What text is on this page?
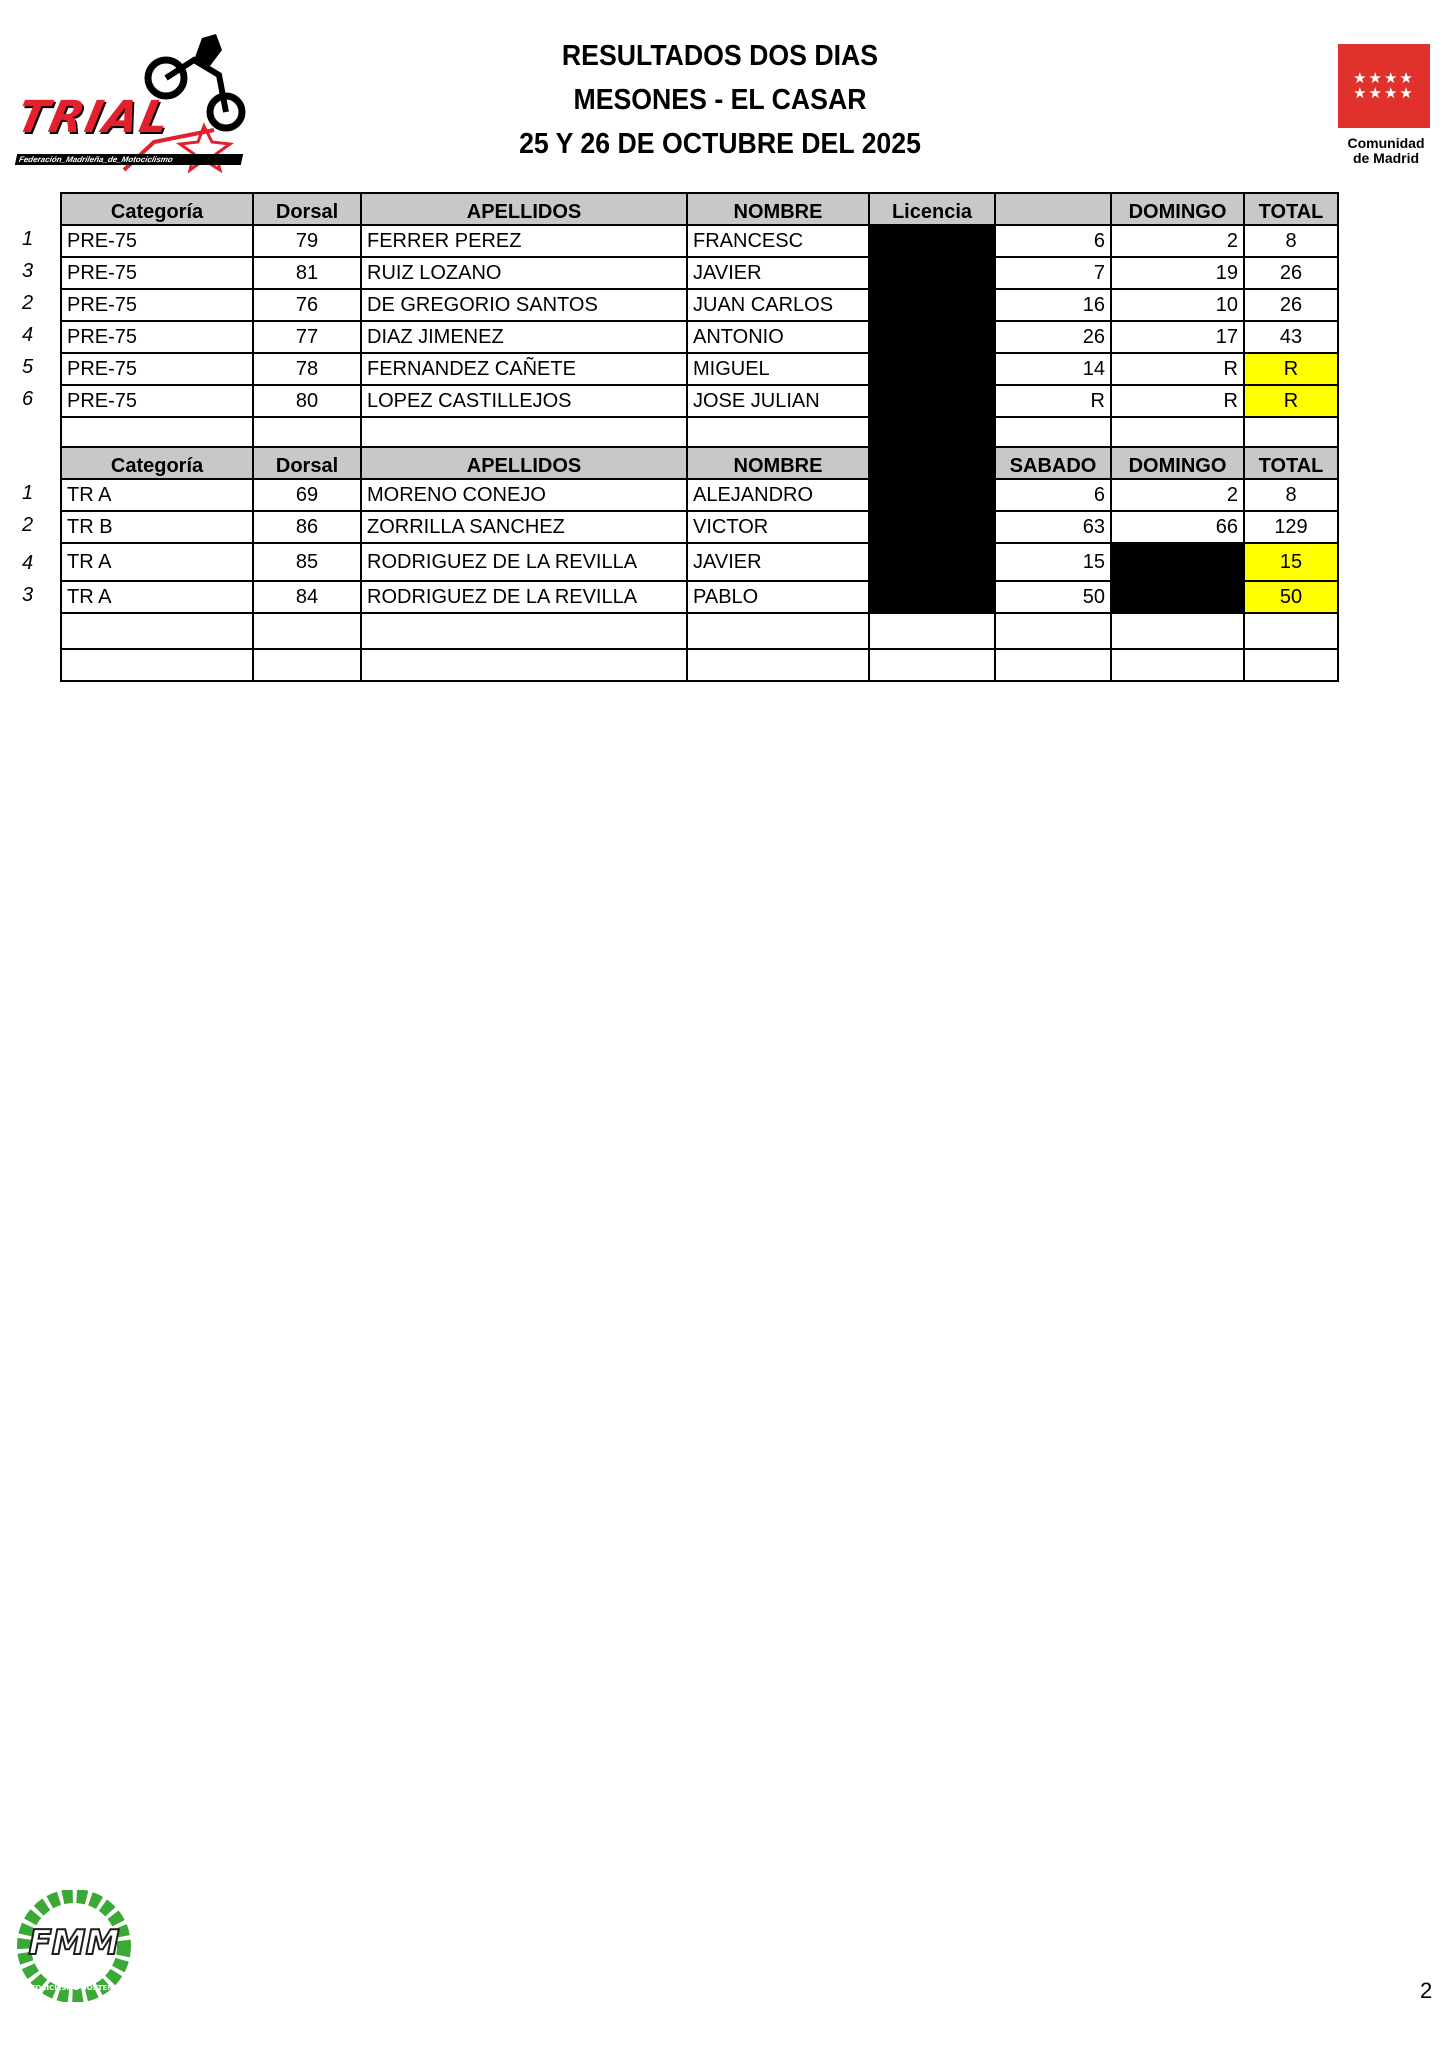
TRIAL
Federación_Madrileña_de_Motociclismo
RESULTADOS DOS DIAS
MESONES - EL CASAR
25 Y 26 DE OCTUBRE DEL 2025
★★★★
★★★★
Comunidad
de Madrid
1
3
2
4
5
6
Categoría	Dorsal	APELLIDOS	NOMBRE	Licencia		DOMINGO	TOTAL
PRE-75	79	FERRER PEREZ	FRANCESC		6	2	8
PRE-75	81	RUIZ LOZANO	JAVIER		7	19	26
PRE-75	76	DE GREGORIO SANTOS	JUAN CARLOS		16	10	26
PRE-75	77	DIAZ JIMENEZ	ANTONIO		26	17	43
PRE-75	78	FERNANDEZ CAÑETE	MIGUEL		14	R	R
PRE-75	80	LOPEZ CASTILLEJOS	JOSE JULIAN		R	R	R

1
2
4
3
Categoría	Dorsal	APELLIDOS	NOMBRE		SABADO	DOMINGO	TOTAL
TR A	69	MORENO CONEJO	ALEJANDRO		6	2	8
TR B	86	ZORRILLA SANCHEZ	VICTOR		63	66	129
TR A	85	RODRIGUEZ DE LA REVILLA	JAVIER		15		15
TR A	84	RODRIGUEZ DE LA REVILLA	PABLO		50		50

FMM
MOTOCICLISMO SOSTENIBLE	2
